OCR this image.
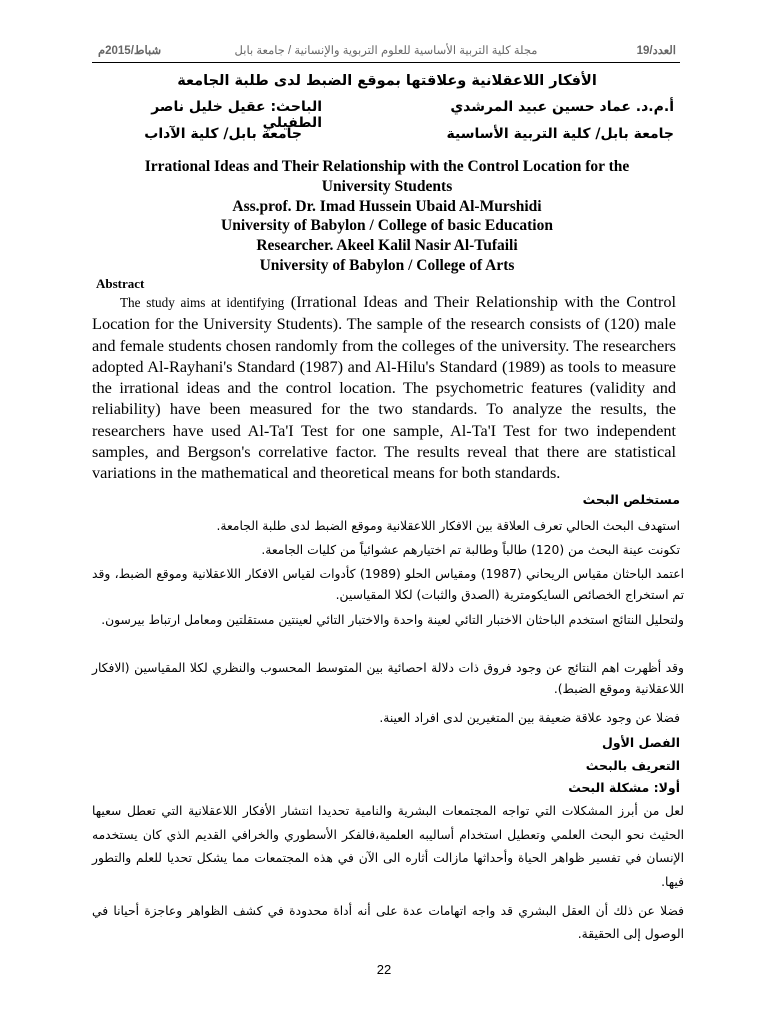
شباط/2015م	مجلة كلية التربية الأساسية للعلوم التربوية والإنسانية / جامعة بابل	العدد/19
الأفكار اللاعقلانية وعلاقتها بموقع الضبط لدى طلبة الجامعة
أ.م.د. عماد حسين عبيد المرشدي
الباحث: عقيل خليل ناصر الطفيلي
جامعة بابل/ كلية التربية الأساسية
جامعة بابل/ كلية الآداب
Irrational Ideas and Their Relationship with the Control Location for the
University Students
Ass.prof. Dr. Imad Hussein Ubaid Al-Murshidi
University of Babylon / College of basic Education
Researcher. Akeel Kalil Nasir Al-Tufaili
University of Babylon / College of Arts
Abstract
The study aims at identifying (Irrational Ideas and Their Relationship with the Control Location for the University Students). The sample of the research consists of (120) male and female students chosen randomly from the colleges of the university. The researchers adopted Al-Rayhani's Standard (1987) and Al-Hilu's Standard (1989) as tools to measure the irrational ideas and the control location. The psychometric features (validity and reliability) have been measured for the two standards. To analyze the results, the researchers have used Al-Ta'I Test for one sample, Al-Ta'I Test for two independent samples, and Bergson's correlative factor. The results reveal that there are statistical variations in the mathematical and theoretical means for both standards.
مستخلص البحث
استهدف البحث الحالي تعرف العلاقة بين الافكار اللاعقلانية وموقع الضبط لدى طلبة الجامعة.
تكونت عينة البحث من (120) طالباً وطالبة تم اختيارهم عشوائياً من كليات الجامعة.
اعتمد الباحثان مقياس الريحاني (1987) ومقياس الحلو (1989) كأدوات لقياس الافكار اللاعقلانية وموقع الضبط، وقد تم استخراج الخصائص السايكومترية (الصدق والثبات) لكلا المقياسين.
ولتحليل النتائج استخدم الباحثان الاختبار التائي لعينة واحدة والاختبار التائي لعينتين مستقلتين ومعامل ارتباط بيرسون.
وقد أظهرت اهم النتائج عن وجود فروق ذات دلالة احصائية بين المتوسط المحسوب والنظري لكلا المقياسين (الافكار اللاعقلانية وموقع الضبط).
فضلا عن وجود علاقة ضعيفة بين المتغيرين لدى افراد العينة.
الفصل الأول
التعريف بالبحث
أولا: مشكلة البحث
لعل من أبرز المشكلات التي تواجه المجتمعات البشرية والنامية تحديدا انتشار الأفكار اللاعقلانية التي تعطل سعيها الحثيث نحو البحث العلمي وتعطيل استخدام أساليبه العلمية،فالفكر الأسطوري والخرافي القديم الذي كان يستخدمه الإنسان في تفسير ظواهر الحياة وأحداثها مازالت أثاره الى الآن في هذه المجتمعات مما يشكل تحديا للعلم والتطور فيها.
فضلا عن ذلك أن العقل البشري قد واجه اتهامات عدة على أنه أداة محدودة في كشف الظواهر وعاجزة أحيانا في الوصول إلى الحقيقة.
22
